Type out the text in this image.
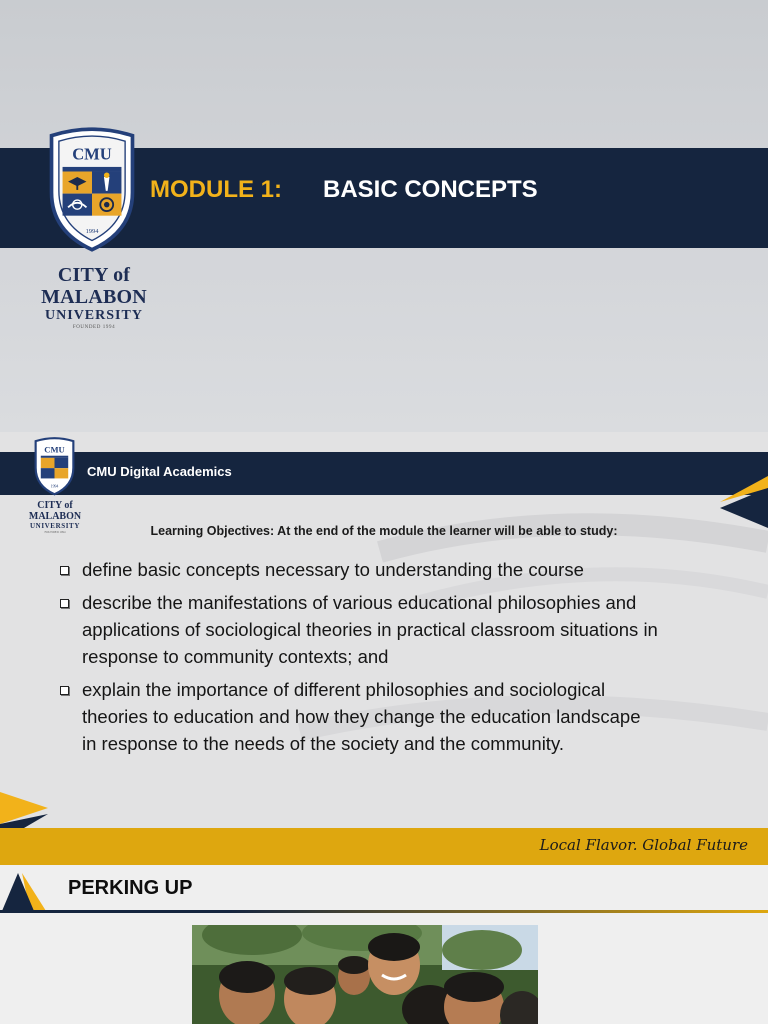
CMU
1994
MODULE 1: BASIC CONCEPTS
CITY of MALABON
UNIVERSITY
FOUNDED 1994
CMU
1994
CMU Digital Academics
CITY of MALABON
UNIVERSITY
FOUNDED 1994	Learning Objectives: At the end of the module the learner will be able to study:
define basic concepts necessary to understanding the course
describe the manifestations of various educational philosophies and applications of sociological theories in practical classroom situations in response to community contexts; and
explain the importance of different philosophies and sociological theories to education and how they change the education landscape in response to the needs of the society and the community.
Local Flavor. Global Future
PERKING UP
